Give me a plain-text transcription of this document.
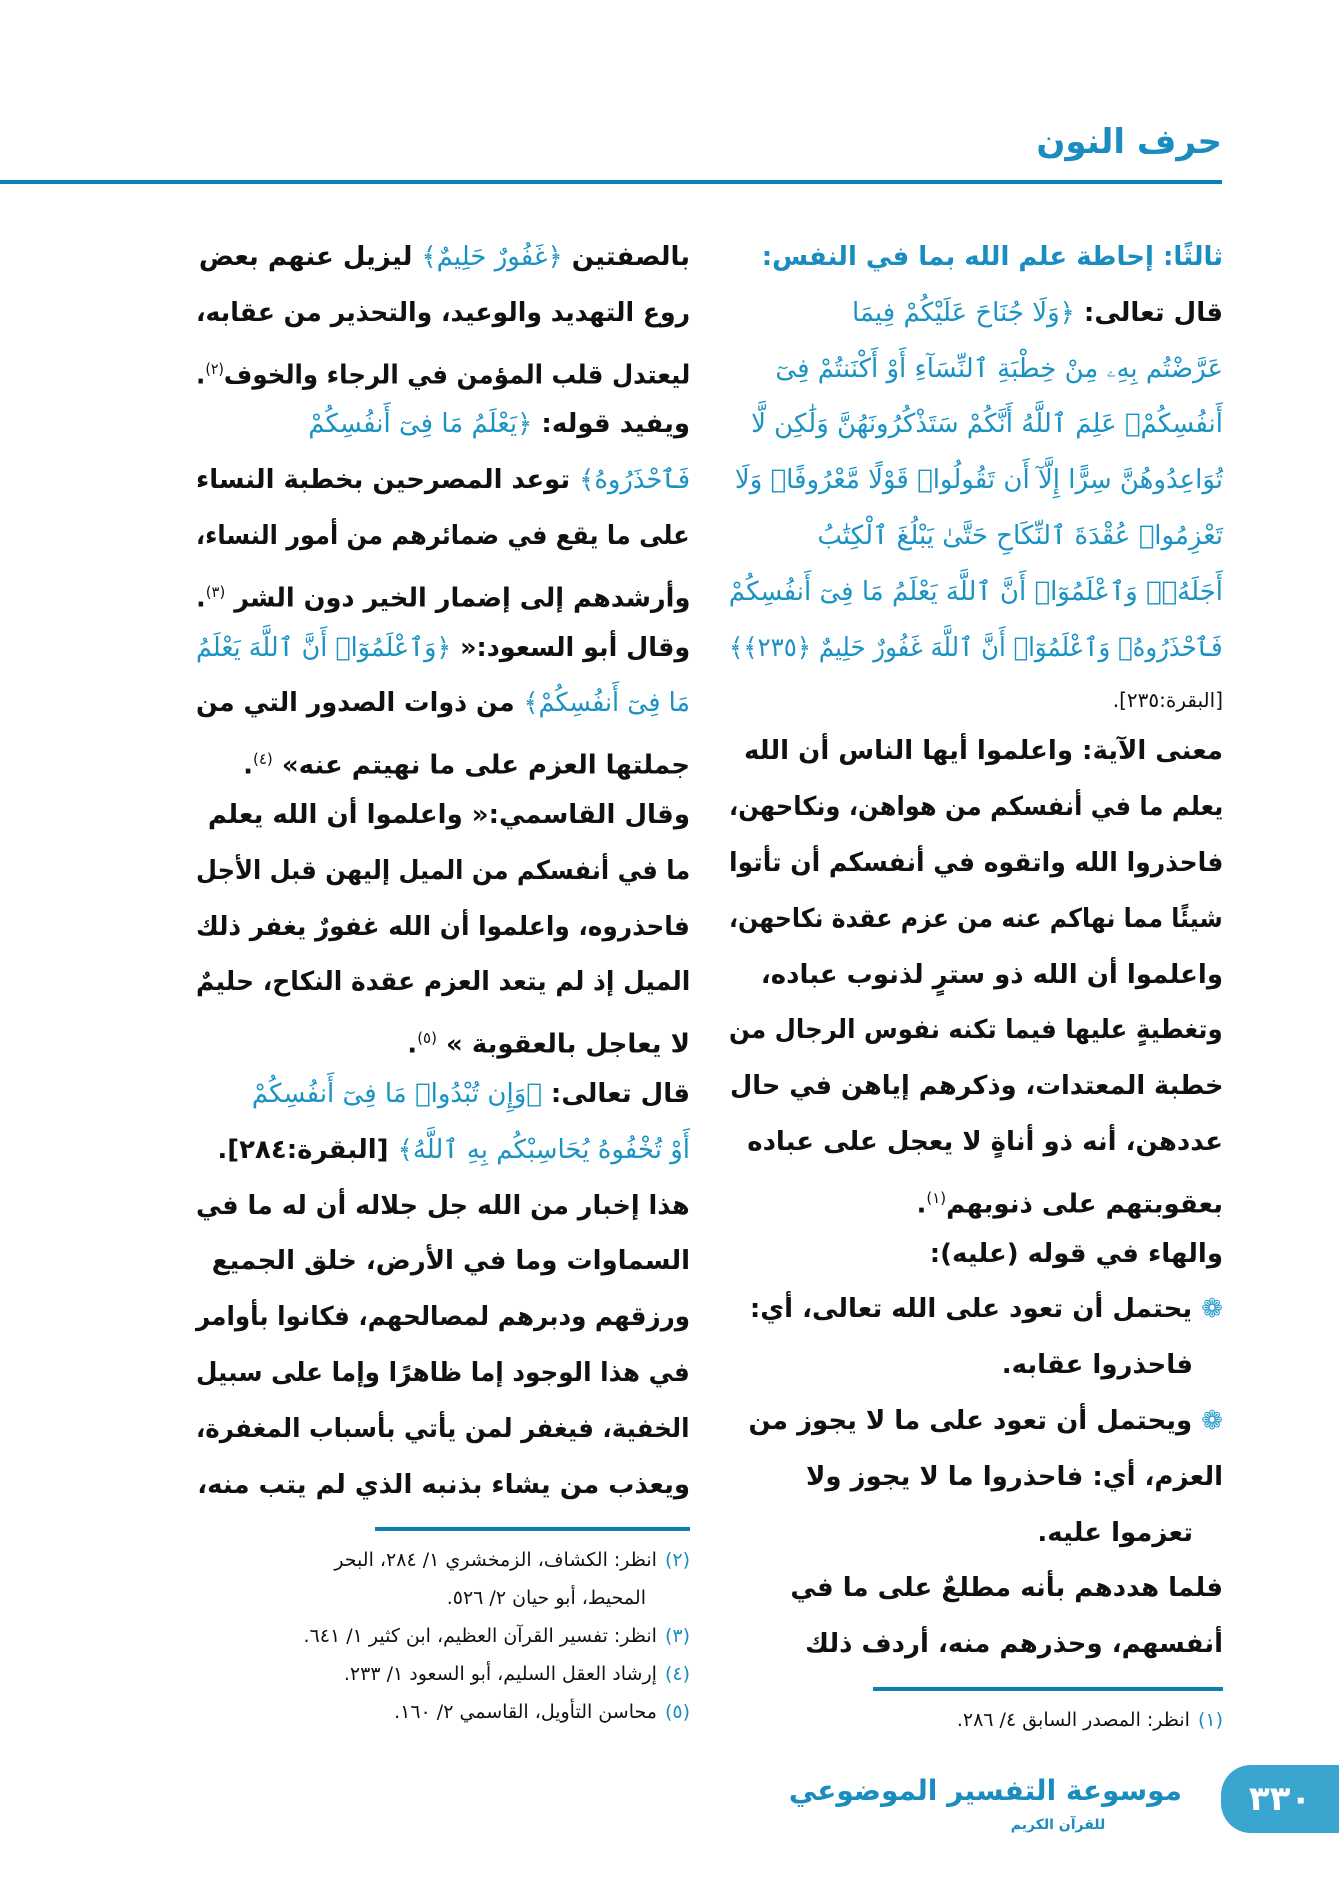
حرف النون
ثالثًا: إحاطة علم الله بما في النفس:
قال تعالى: ﴿وَلَا جُنَاحَ عَلَيْكُمْ فِيمَا
عَرَّضْتُم بِهِۦ مِنْ خِطْبَةِ ٱلنِّسَآءِ أَوْ أَكْنَنتُمْ فِىٓ
أَنفُسِكُمْۚ عَلِمَ ٱللَّهُ أَنَّكُمْ سَتَذْكُرُونَهُنَّ وَلَٰكِن لَّا
تُوَاعِدُوهُنَّ سِرًّا إِلَّآ أَن تَقُولُوا۟ قَوْلًا مَّعْرُوفًاۚ وَلَا
تَعْزِمُوا۟ عُقْدَةَ ٱلنِّكَاحِ حَتَّىٰ يَبْلُغَ ٱلْكِتَٰبُ
أَجَلَهُۥۚ وَٱعْلَمُوٓا۟ أَنَّ ٱللَّهَ يَعْلَمُ مَا فِىٓ أَنفُسِكُمْ
فَٱحْذَرُوهُۚ وَٱعْلَمُوٓا۟ أَنَّ ٱللَّهَ غَفُورٌ حَلِيمٌ ﴿٢٣٥﴾﴾
[البقرة:٢٣٥].
معنى الآية: واعلموا أيها الناس أن الله
يعلم ما في أنفسكم من هواهن، ونكاحهن،
فاحذروا الله واتقوه في أنفسكم أن تأتوا
شيئًا مما نهاكم عنه من عزم عقدة نكاحهن،
واعلموا أن الله ذو سترٍ لذنوب عباده،
وتغطيةٍ عليها فيما تكنه نفوس الرجال من
خطبة المعتدات، وذكرهم إياهن في حال
عددهن، أنه ذو أناةٍ لا يعجل على عباده
بعقوبتهم على ذنوبهم$^{(١)}$.
والهاء في قوله (عليه):
❁ يحتمل أن تعود على الله تعالى، أي:
فاحذروا عقابه.
❁ ويحتمل أن تعود على ما لا يجوز من
العزم، أي: فاحذروا ما لا يجوز ولا
تعزموا عليه.
فلما هددهم بأنه مطلعٌ على ما في
أنفسهم، وحذرهم منه، أردف ذلك
(١)انظر: المصدر السابق ٤/ ٢٨٦.
بالصفتين ﴿غَفُورٌ حَلِيمٌ﴾ ليزيل عنهم بعض
روع التهديد والوعيد، والتحذير من عقابه،
ليعتدل قلب المؤمن في الرجاء والخوف$^{(٢)}$.
ويفيد قوله: ﴿يَعْلَمُ مَا فِىٓ أَنفُسِكُمْ
فَٱحْذَرُوهُ﴾ توعد المصرحين بخطبة النساء
على ما يقع في ضمائرهم من أمور النساء،
وأرشدهم إلى إضمار الخير دون الشر $^{(٣)}$.
وقال أبو السعود:« ﴿وَٱعْلَمُوٓا۟ أَنَّ ٱللَّهَ يَعْلَمُ
مَا فِىٓ أَنفُسِكُمْ﴾ من ذوات الصدور التي من
جملتها العزم على ما نهيتم عنه» $^{(٤)}$.
وقال القاسمي:« واعلموا أن الله يعلم
ما في أنفسكم من الميل إليهن قبل الأجل
فاحذروه، واعلموا أن الله غفورٌ يغفر ذلك
الميل إذ لم يتعد العزم عقدة النكاح، حليمٌ
لا يعاجل بالعقوبة » $^{(٥)}$.
قال تعالى: ﴿وَإِن تُبْدُوا۟ مَا فِىٓ أَنفُسِكُمْ
أَوْ تُخْفُوهُ يُحَاسِبْكُم بِهِ ٱللَّهُ﴾ [البقرة:٢٨٤].
هذا إخبار من الله جل جلاله أن له ما في
السماوات وما في الأرض، خلق الجميع
ورزقهم ودبرهم لمصالحهم، فكانوا بأوامر
في هذا الوجود إما ظاهرًا وإما على سبيل
الخفية، فيغفر لمن يأتي بأسباب المغفرة،
ويعذب من يشاء بذنبه الذي لم يتب منه،
(٢)انظر: الكشاف، الزمخشري ١/ ٢٨٤، البحر
المحيط، أبو حيان ٢/ ٥٢٦.
(٣)انظر: تفسير القرآن العظيم، ابن كثير ١/ ٦٤١.
(٤)إرشاد العقل السليم، أبو السعود ١/ ٢٣٣.
(٥)محاسن التأويل، القاسمي ٢/ ١٦٠.
موسوعة التفسير الموضوعي
للقرآن الكريم
٣٣٠
